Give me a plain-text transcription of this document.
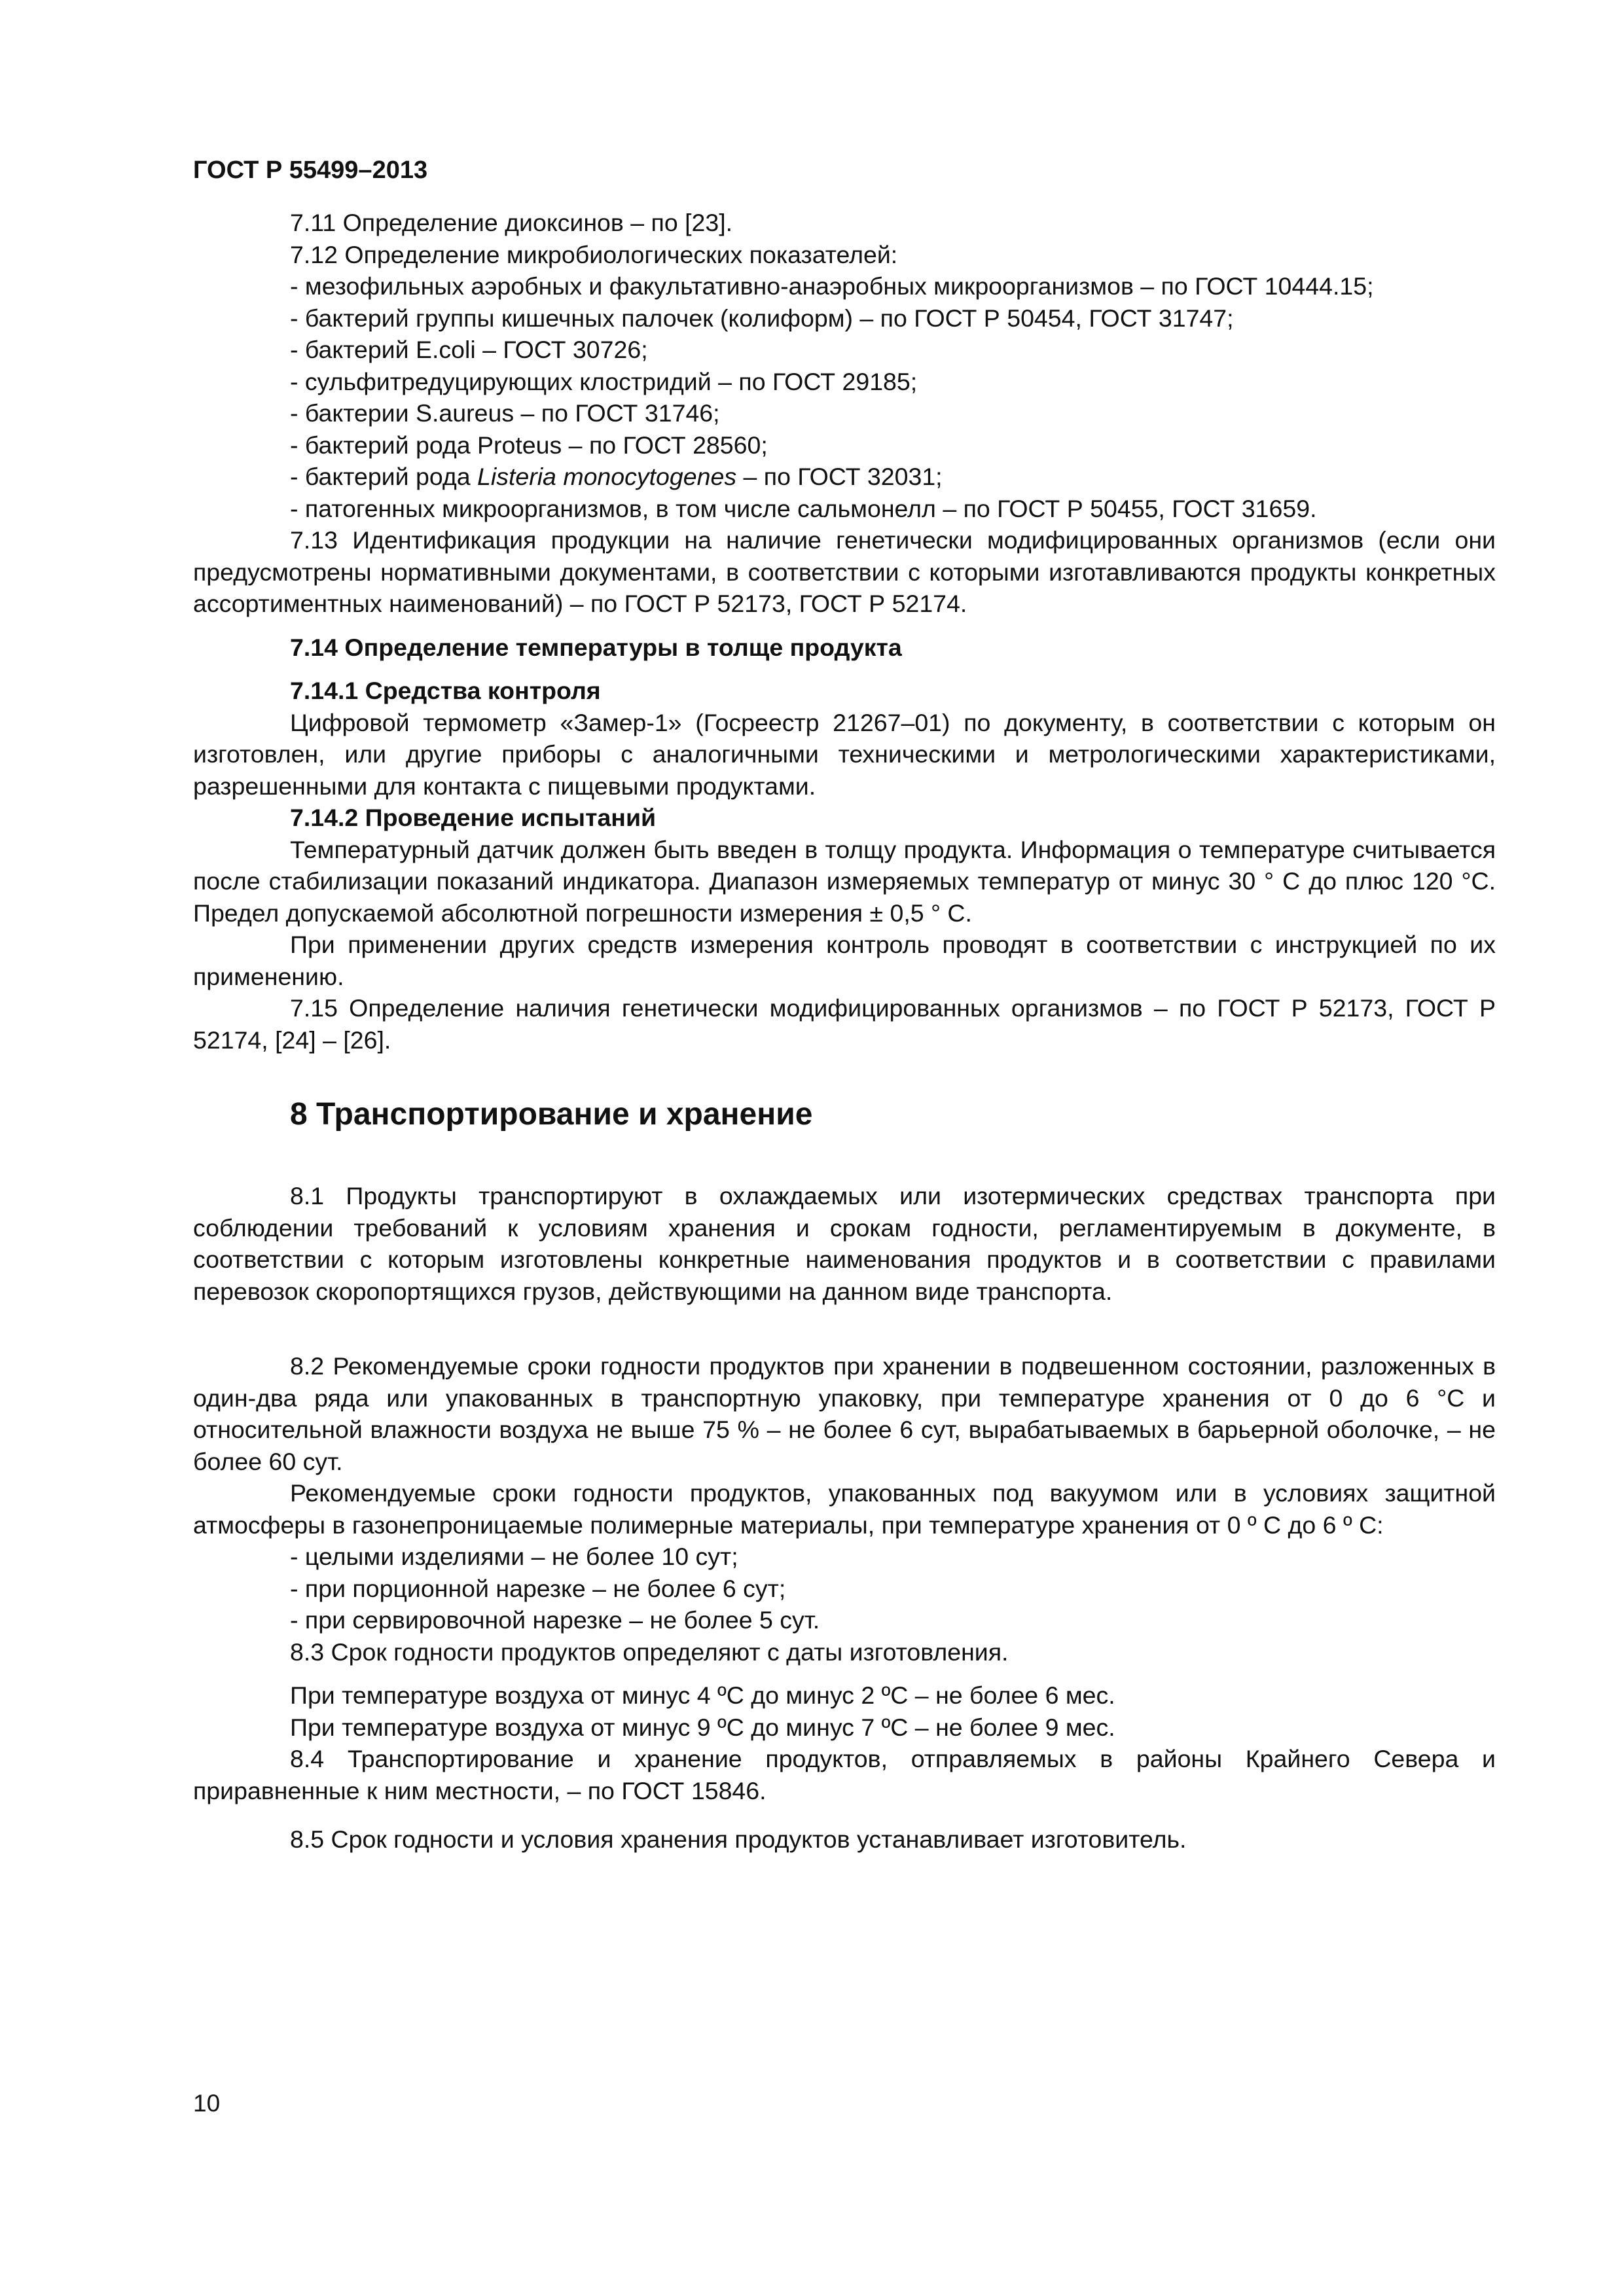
ГОСТ Р 55499–2013

7.11 Определение диоксинов – по [23].

7.12 Определение микробиологических показателей:

- мезофильных аэробных и факультативно-анаэробных микроорганизмов – по ГОСТ 10444.15;

- бактерий группы кишечных палочек (колиформ) – по ГОСТ Р 50454, ГОСТ 31747;

- бактерий E.coli – ГОСТ 30726;

- сульфитредуцирующих клостридий – по ГОСТ 29185;

- бактерии S.aureus – по ГОСТ 31746;

- бактерий рода Proteus – по ГОСТ 28560;

- бактерий рода Listeria monocytogenes – по ГОСТ 32031;

- патогенных микроорганизмов, в том числе сальмонелл – по ГОСТ Р 50455, ГОСТ 31659.

7.13 Идентификация продукции на наличие генетически модифицированных организмов (если они предусмотрены нормативными документами, в соответствии с которыми изготавливаются продукты конкретных ассортиментных наименований) – по ГОСТ Р 52173, ГОСТ Р 52174.

7.14 Определение температуры в толще продукта

7.14.1 Средства контроля

Цифровой термометр «Замер-1» (Госреестр 21267–01) по документу, в соответствии с которым он изготовлен, или другие приборы с аналогичными техническими и метрологическими характеристиками, разрешенными для контакта с пищевыми продуктами.

7.14.2 Проведение испытаний

Температурный датчик должен быть введен в толщу продукта. Информация о температуре считывается после стабилизации показаний индикатора. Диапазон измеряемых температур от минус 30 ° С до плюс 120 °С. Предел допускаемой абсолютной погрешности измерения ± 0,5 ° С.

При применении других средств измерения контроль проводят в соответствии с инструкцией по их применению.

7.15 Определение наличия генетически модифицированных организмов – по ГОСТ Р 52173, ГОСТ Р 52174, [24] – [26].

8 Транспортирование и хранение

8.1 Продукты транспортируют в охлаждаемых или изотермических средствах транспорта при соблюдении требований к условиям хранения и срокам годности, регламентируемым в документе, в соответствии с которым изготовлены конкретные наименования продуктов и в соответствии с правилами перевозок скоропортящихся грузов, действующими на данном виде транспорта.

8.2 Рекомендуемые сроки годности продуктов при хранении в подвешенном состоянии, разложенных в один-два ряда или упакованных в транспортную упаковку, при температуре хранения от 0 до 6 °С и относительной влажности воздуха не выше 75 % – не более 6 сут, вырабатываемых в барьерной оболочке, – не более 60 сут.

Рекомендуемые сроки годности продуктов, упакованных под вакуумом или в условиях защитной атмосферы в газонепроницаемые полимерные материалы, при температуре хранения от 0 º С до 6 º С:

- целыми изделиями – не более 10 сут;

- при порционной нарезке – не более 6 сут;

- при сервировочной нарезке – не более 5 сут.

8.3 Срок годности продуктов определяют с даты изготовления.

При температуре воздуха от минус 4 ºС до минус 2 ºС – не более 6 мес.

При температуре воздуха от минус 9 ºС до минус 7 ºС – не более 9 мес.

8.4 Транспортирование и хранение продуктов, отправляемых в районы Крайнего Севера и приравненные к ним местности, – по ГОСТ 15846.

8.5 Срок годности и условия хранения продуктов устанавливает изготовитель.

10
